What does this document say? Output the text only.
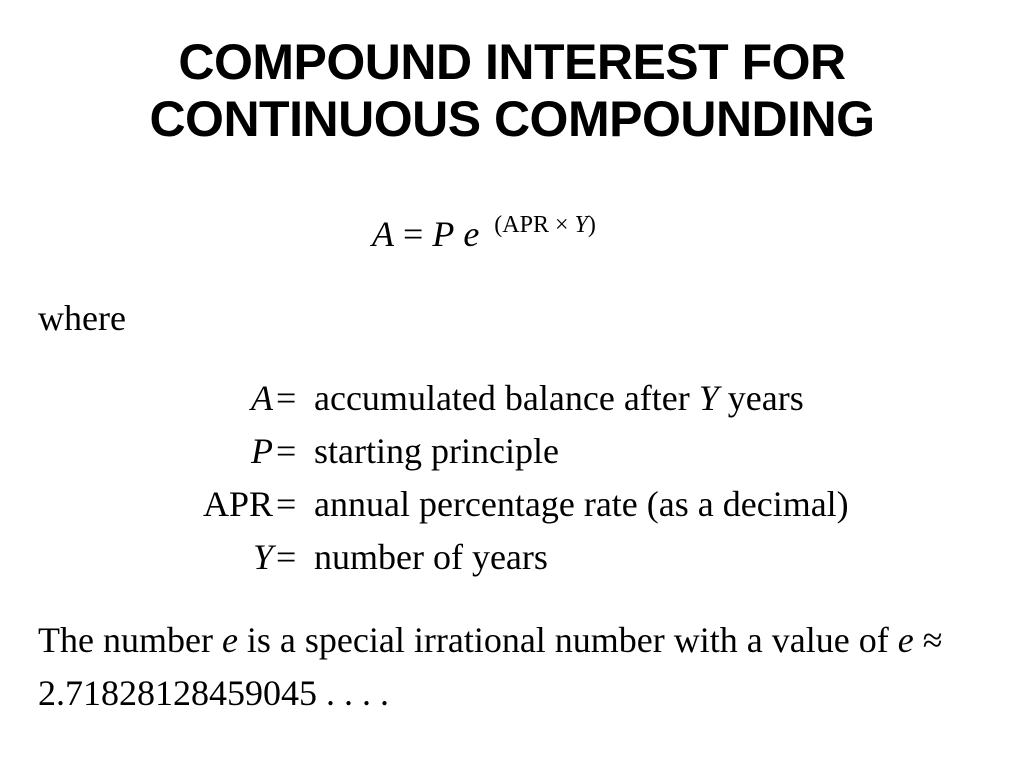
COMPOUND INTEREST FOR
CONTINUOUS COMPOUNDING
A = P e $^{(APR \times Y)}$
where
A = accumulated balance after Y years
P = starting principle
APR = annual percentage rate (as a decimal)
Y = number of years
The number e is a special irrational number with a value of e ≈ 2.71828128459045 . . . .
